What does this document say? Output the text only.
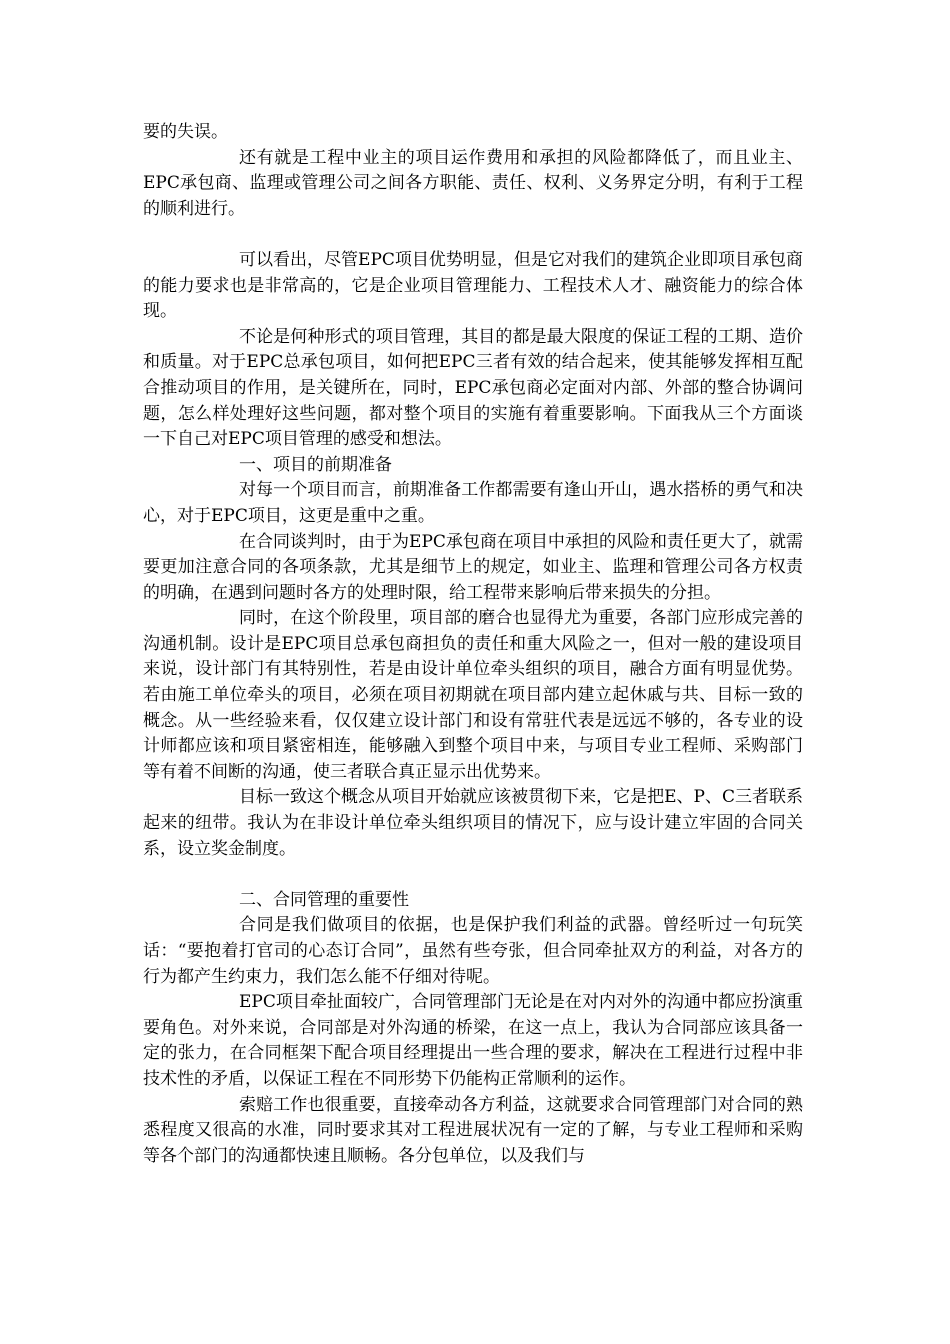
要的失误。

还有就是工程中业主的项目运作费用和承担的风险都降低了，而且业主、EPC承包商、监理或管理公司之间各方职能、责任、权利、义务界定分明，有利于工程的顺利进行。

可以看出，尽管EPC项目优势明显，但是它对我们的建筑企业即项目承包商的能力要求也是非常高的，它是企业项目管理能力、工程技术人才、融资能力的综合体现。

不论是何种形式的项目管理，其目的都是最大限度的保证工程的工期、造价和质量。对于EPC总承包项目，如何把EPC三者有效的结合起来，使其能够发挥相互配合推动项目的作用，是关键所在，同时，EPC承包商必定面对内部、外部的整合协调问题，怎么样处理好这些问题，都对整个项目的实施有着重要影响。下面我从三个方面谈一下自己对EPC项目管理的感受和想法。

一、项目的前期准备

对每一个项目而言，前期准备工作都需要有逢山开山，遇水搭桥的勇气和决心，对于EPC项目，这更是重中之重。

在合同谈判时，由于为EPC承包商在项目中承担的风险和责任更大了，就需要更加注意合同的各项条款，尤其是细节上的规定，如业主、监理和管理公司各方权责的明确，在遇到问题时各方的处理时限，给工程带来影响后带来损失的分担。

同时，在这个阶段里，项目部的磨合也显得尤为重要，各部门应形成完善的沟通机制。设计是EPC项目总承包商担负的责任和重大风险之一，但对一般的建设项目来说，设计部门有其特别性，若是由设计单位牵头组织的项目，融合方面有明显优势。若由施工单位牵头的项目，必须在项目初期就在项目部内建立起休戚与共、目标一致的概念。从一些经验来看，仅仅建立设计部门和设有常驻代表是远远不够的，各专业的设计师都应该和项目紧密相连，能够融入到整个项目中来，与项目专业工程师、采购部门等有着不间断的沟通，使三者联合真正显示出优势来。

目标一致这个概念从项目开始就应该被贯彻下来，它是把E、P、C三者联系起来的纽带。我认为在非设计单位牵头组织项目的情况下，应与设计建立牢固的合同关系，设立奖金制度。

二、合同管理的重要性

合同是我们做项目的依据，也是保护我们利益的武器。曾经听过一句玩笑话：“要抱着打官司的心态订合同”，虽然有些夸张，但合同牵扯双方的利益，对各方的行为都产生约束力，我们怎么能不仔细对待呢。

EPC项目牵扯面较广，合同管理部门无论是在对内对外的沟通中都应扮演重要角色。对外来说，合同部是对外沟通的桥梁，在这一点上，我认为合同部应该具备一定的张力，在合同框架下配合项目经理提出一些合理的要求，解决在工程进行过程中非技术性的矛盾，以保证工程在不同形势下仍能构正常顺利的运作。

索赔工作也很重要，直接牵动各方利益，这就要求合同管理部门对合同的熟悉程度又很高的水准，同时要求其对工程进展状况有一定的了解，与专业工程师和采购等各个部门的沟通都快速且顺畅。各分包单位，以及我们与
